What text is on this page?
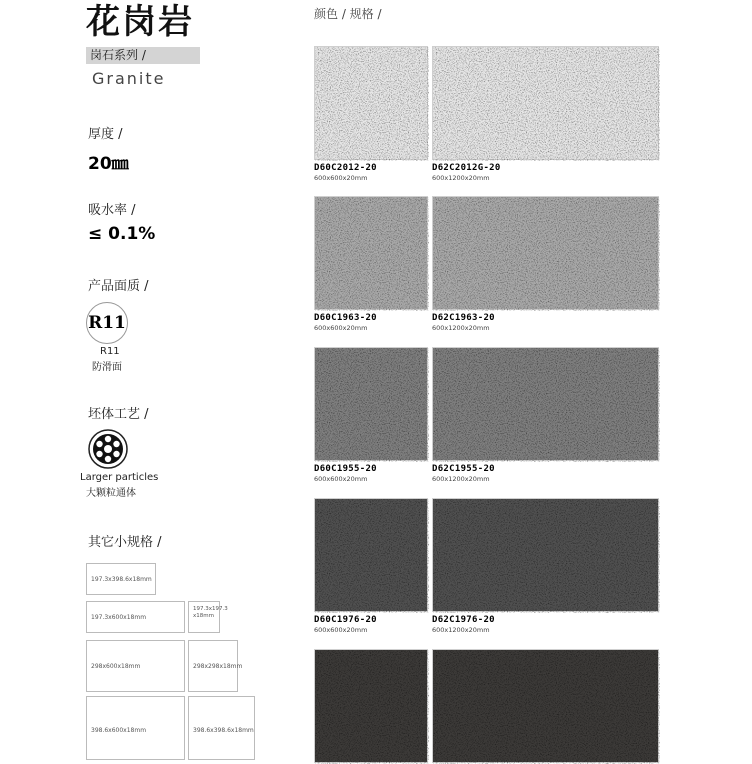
花岗岩
岗石系列 /
Granite
厚度 /
20㎜
吸水率 /
≤ 0.1%
产品面质 /
R11
R11
防滑面
坯体工艺 /
Larger particles
大颗粒通体
其它小规格 /
197.3x398.6x18mm
197.3x600x18mm
197.3x197.3 x18mm
298x600x18mm	298x298x18mm
398.6x600x18mm	398.6x398.6x18mm
颜色 / 规格 /
D60C2012-20
600x600x20mm
D62C2012G-20
600x1200x20mm
D60C1963-20
600x600x20mm
D62C1963-20
600x1200x20mm
D60C1955-20
600x600x20mm
D62C1955-20
600x1200x20mm
D60C1976-20
600x600x20mm
D62C1976-20
600x1200x20mm
